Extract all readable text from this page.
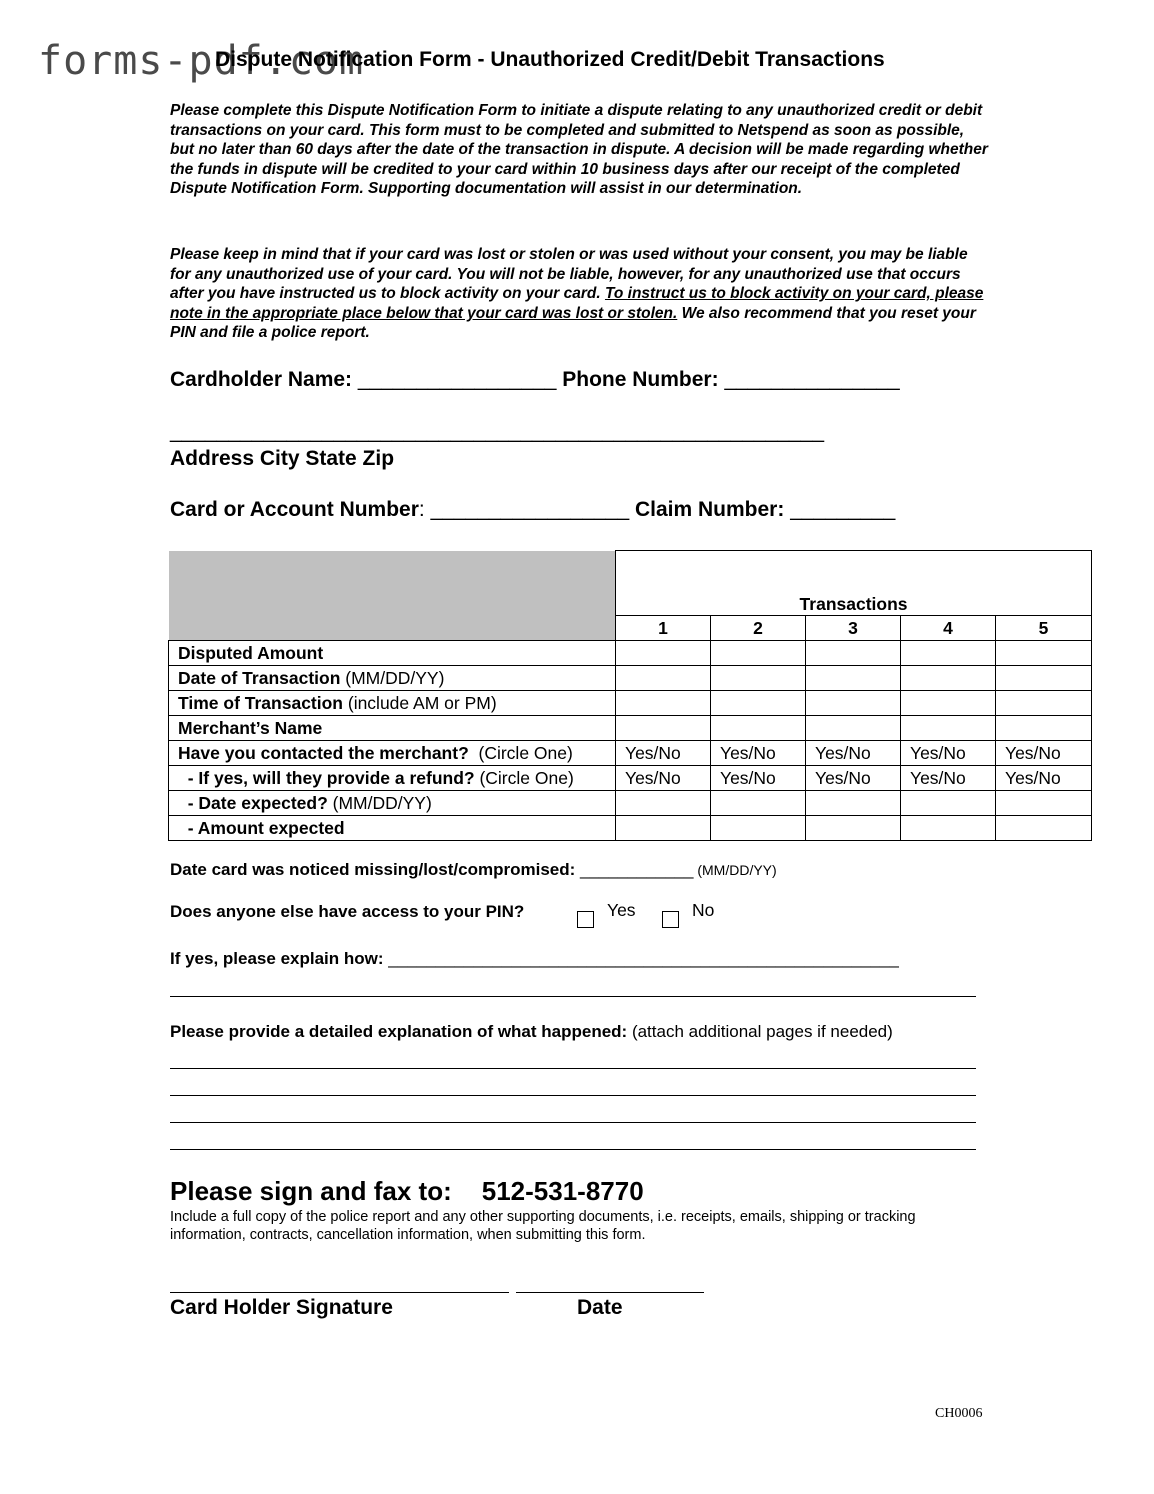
forms-pdf.com
Dispute Notification Form - Unauthorized Credit/Debit Transactions
Please complete this Dispute Notification Form to initiate a dispute relating to any unauthorized credit or debit transactions on your card. This form must to be completed and submitted to Netspend as soon as possible, but no later than 60 days after the date of the transaction in dispute. A decision will be made regarding whether the funds in dispute will be credited to your card within 10 business days after our receipt of the completed Dispute Notification Form. Supporting documentation will assist in our determination.
Please keep in mind that if your card was lost or stolen or was used without your consent, you may be liable for any unauthorized use of your card. You will not be liable, however, for any unauthorized use that occurs after you have instructed us to block activity on your card. To instruct us to block activity on your card, please note in the appropriate place below that your card was lost or stolen. We also recommend that you reset your PIN and file a police report.
Cardholder Name: _________________ Phone Number: _______________
________________________________________________________
Address City State Zip
Card or Account Number: _________________ Claim Number: _________
	Transactions				
	1	2	3	4	5
Disputed Amount					
Date of Transaction (MM/DD/YY)					
Time of Transaction (include AM or PM)					
Merchant’s Name					
Have you contacted the merchant?  (Circle One)	Yes/No	Yes/No	Yes/No	Yes/No	Yes/No
- If yes, will they provide a refund? (Circle One)	Yes/No	Yes/No	Yes/No	Yes/No	Yes/No
- Date expected? (MM/DD/YY)					
- Amount expected					
Date card was noticed missing/lost/compromised: ____________ (MM/DD/YY)
Does anyone else have access to your PIN?	Yes	No
If yes, please explain how: ______________________________________________________
Please provide a detailed explanation of what happened: (attach additional pages if needed)
Please sign and fax to: 512-531-8770
Include a full copy of the police report and any other supporting documents, i.e. receipts, emails, shipping or tracking information, contracts, cancellation information, when submitting this form.
Card Holder Signature	Date
CH0006
